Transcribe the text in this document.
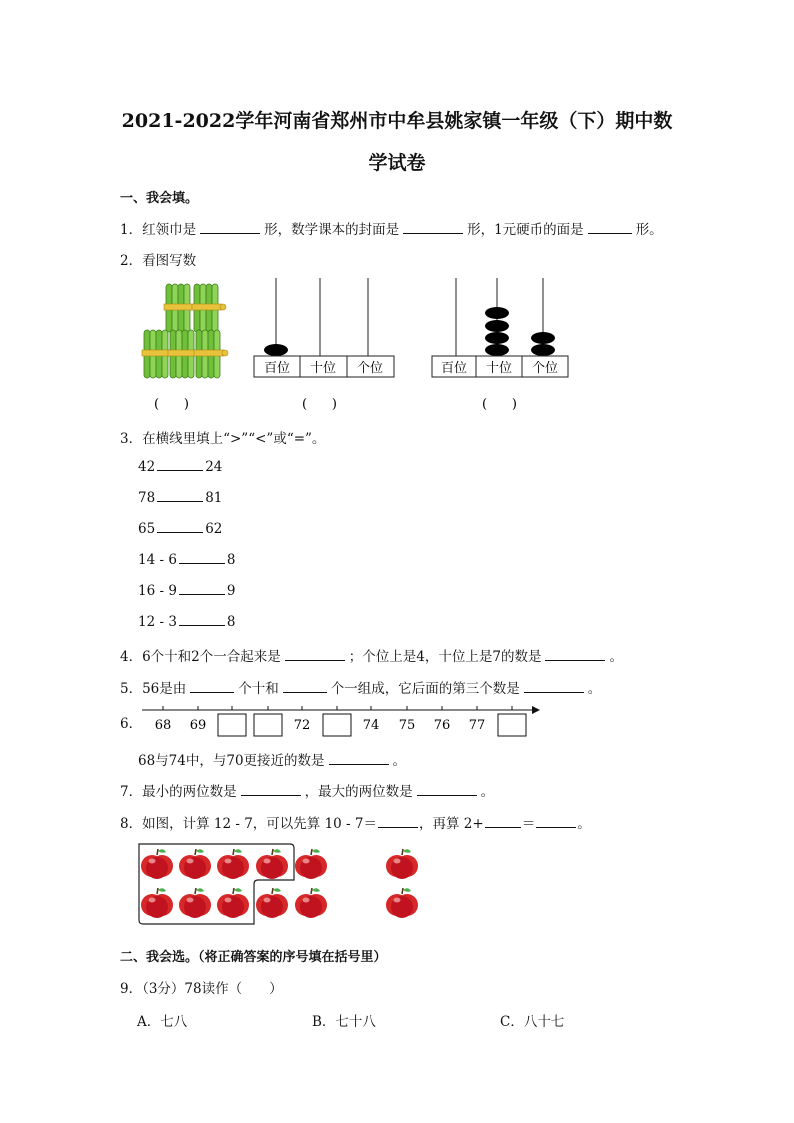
2021-2022学年河南省郑州市中牟县姚家镇一年级（下）期中数
学试卷
一、我会填。
1．红领巾是	形，数学课本的封面是	形，1元硬币的面是	形。
2．看图写数
百位 十位 个位	百位 十位 个位
(      )	(      )	(      )
3．在横线里填上“>”“<”或“=”。
42	24
78	81
65	62
14 - 6	8
16 - 9	9
12 - 3	8
4．6个十和2个一合起来是	；个位上是4，十位上是7的数是	。
5．56是由	个十和	个一组成，它后面的第三个数是	。
6． 68 69	72	74 75 76 77
68与74中，与70更接近的数是	。
7．最小的两位数是	，最大的两位数是	。
8．如图，计算 12 - 7，可以先算 10 - 7＝	，再算 2+	＝	。
二、我会选。（将正确答案的序号填在括号里）
9．（3分）78读作（　　）
A．七八	B．七十八	C．八十七
